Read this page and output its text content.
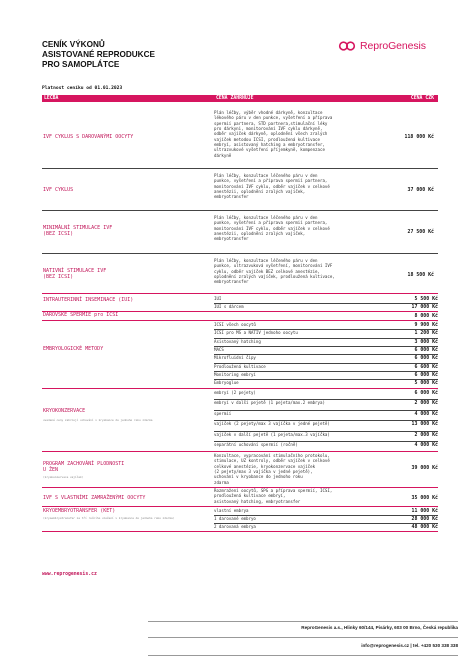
CENÍK VÝKONŮ
ASISTOVANÉ REPRODUKCE
PRO SAMOPLÁTCE
ReproGenesis
Platnost ceníku od 01.01.2023
LÉČBA	CENA ZAHRNUJE	CENA CZK
IVF CYKLUS S DAROVANÝMI OOCYTY
Plán léčby, výběr vhodné dárkyně, konzultace
lékového páru v den punkce, vyšetření a příprava
spermií partnera, STD partnera,stimulační léky
pro dárkyni, monitorování IVF cyklu dárkyně,
odběr vajíček dárkyně, oplodnění všech zralých
vajíček metodou ICSI, prodloužená kultivace
embryí, asistovaný hatching a embryotransfer,
ultrazvukové vyšetření příjemkyně, kompenzace
dárkyně
118 000 Kč
IVF CYKLUS
Plán léčby, konzultace léčeného páru v den
punkce, vyšetření a příprava spermií partnera,
monitorování IVF cyklu, odběr vajíček v celkové
anestézii, oplodnění zralých vajíček,
embryotransfer
37 000 Kč
MINIMÁLNÍ STIMULACE IVF
(BEZ ICSI)
Plán léčby, konzultace léčeného páru v den
punkce, vyšetření a příprava spermií partnera,
monitorování IVF cyklu, odběr vajíček v celkové
anestézii, oplodnění zralých vajíček,
embryotransfer
27 500 Kč
NATIVNÍ STIMULACE IVF
(BEZ ICSI)
Plán léčby, konzultace léčeného páru v den
punkce, ultrazvuková vyšetření, monitorování IVF
cyklu, odběr vajíček BEZ celkové anestézie,
oplodnění zralých vajíček, prodloužená kultivace,
embryotransfer
18 500 Kč
INTRAUTERINNÍ INSEMINACE (IUI)	IUI	5 500 Kč
IUI s dárcem	17 000 Kč
DAROVSKÉ SPERMIE pro ICSI	8 000 Kč
EMBRYOLOGICKÉ METODY
ICSI všech oocytů	9 900 Kč
ICSI pro MS a NATIV jednoho oocytu	1 200 Kč
Asistovaný hatching	3 000 Kč
MACS	6 000 Kč
Mikrofluidní čipy	6 000 Kč
Prodloužená kultivace	6 600 Kč
Monitoring embryí	6 000 Kč
Embryoglue	5 000 Kč
KRYOKONZERVACE
uvedené ceny zahrnují uchování v kryobance do jednoho roku zdarma
embryí (2 pejety)	6 000 Kč
embryí v další pejetě (1 pejeta/max.2 embrya)	2 000 Kč
spermií	4 000 Kč
vajíček (2 pejety/max 3 vajíčka v jedné pejetě)	13 000 Kč
vajíček v další pejetě (1 pejeta/max.3 vajíčka)	2 000 Kč
separátní uchování spermií (ročně)	4 000 Kč
PROGRAM ZACHOVÁNÍ PLODNOSTI
U ŽEN
(kryokonzervace vajíček)
Konzultace, vypracování stimulačního protokolu,
stimulace, UZ kontroly, odběr vajíček v celkové
celkové anestézie, kryokonzervace vajíček
(2 pejety/max 3 vajíčka v jedné pejetě),
uchování v kryobance do jednoho roku
zdarma
39 000 Kč
IVF S VLASTNÍMI ZAMRAŽENÝMI OOCYTY
Rozmražení oocytů, SPG a příprava spermií, ICSI,
prodloužená kultivace embryí,
asistovaný hatching, embryotransfer
35 000 Kč
KRYOEMBRYOTRANSFER (KET)
(kryoembryotransfer ze tří ročního uložení v kryobance do jednoho roku zdarma)
vlastní embrya	11 000 Kč
1 darované embryo	28 000 Kč
2 darovaná embrya	48 000 Kč
www.reprogenesis.cz
ReproGenesis a.s., Hlinky 60/144, Pisárky, 603 00 Brno, Česká republika
info@reprogenesis.cz | tel. +420 530 338 338
